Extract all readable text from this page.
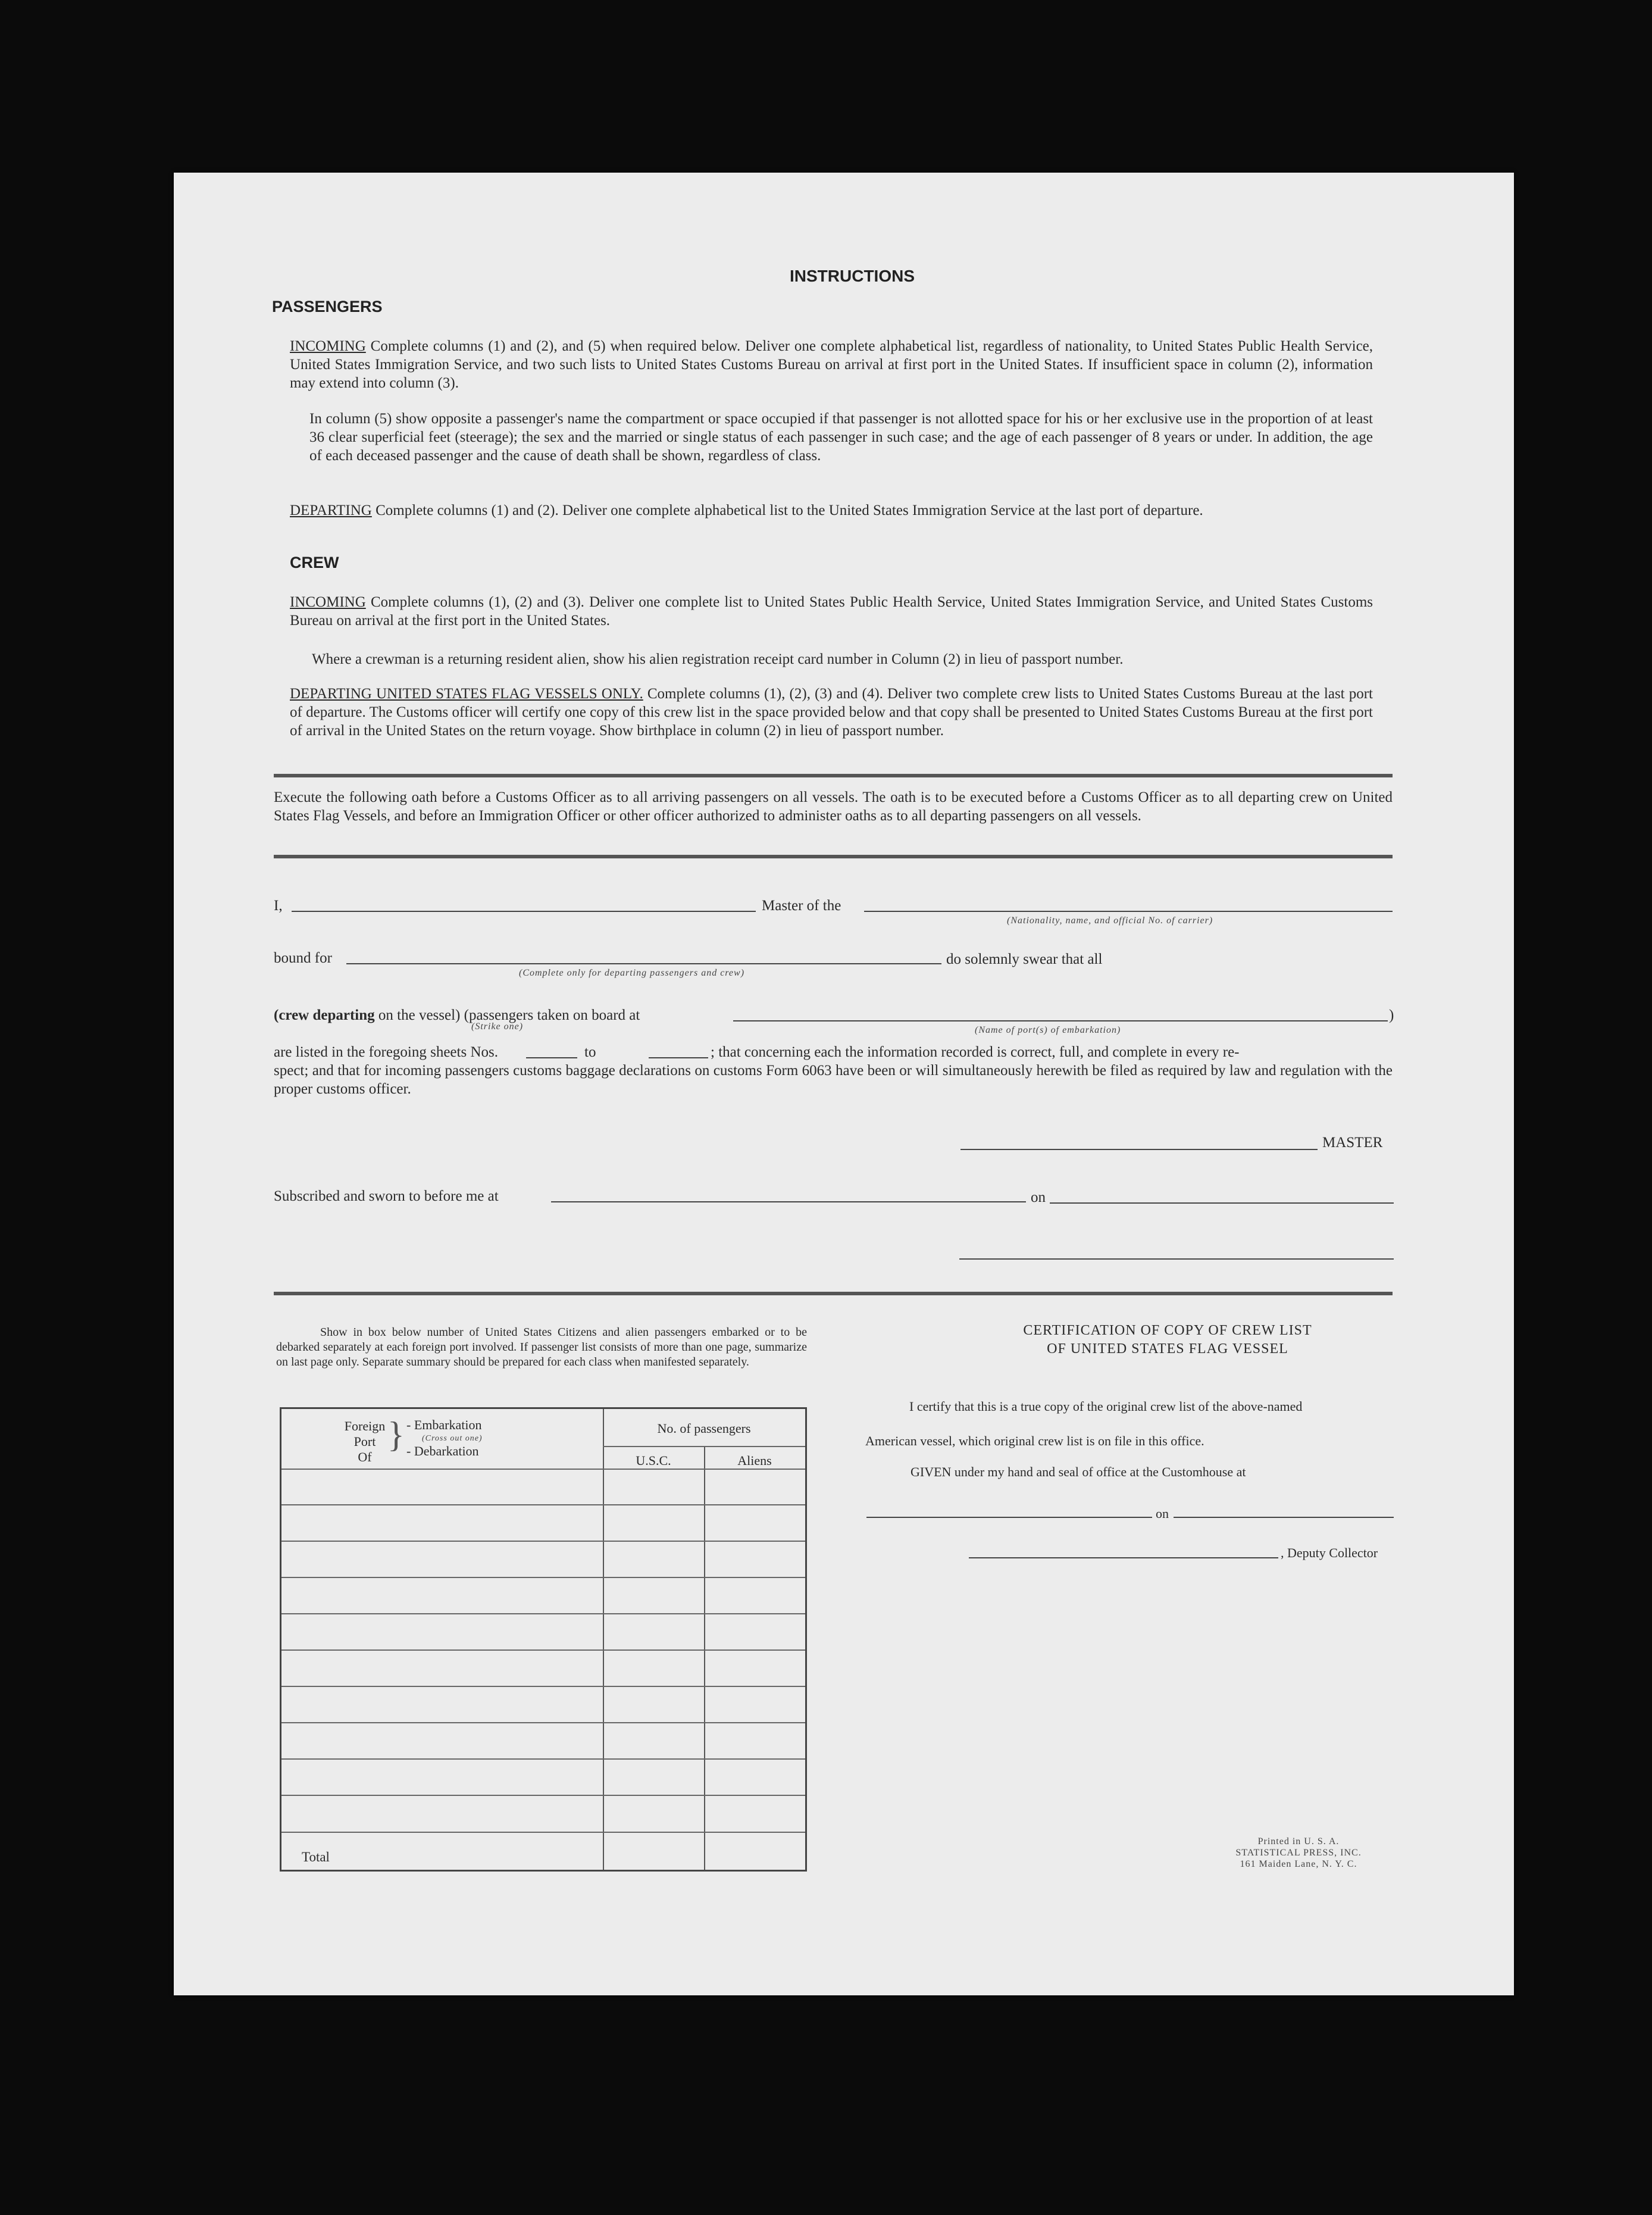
INSTRUCTIONS
PASSENGERS
INCOMING Complete columns (1) and (2), and (5) when required below. Deliver one complete alphabetical list, regardless of nationality, to United States Public Health Service, United States Immigration Service, and two such lists to United States Customs Bureau on arrival at first port in the United States. If insufficient space in column (2), information may extend into column (3).
In column (5) show opposite a passenger's name the compartment or space occupied if that passenger is not allotted space for his or her exclusive use in the proportion of at least 36 clear superficial feet (steerage); the sex and the married or single status of each passenger in such case; and the age of each passenger of 8 years or under. In addition, the age of each deceased passenger and the cause of death shall be shown, regardless of class.
DEPARTING Complete columns (1) and (2). Deliver one complete alphabetical list to the United States Immigration Service at the last port of departure.
CREW
INCOMING Complete columns (1), (2) and (3). Deliver one complete list to United States Public Health Service, United States Immigration Service, and United States Customs Bureau on arrival at the first port in the United States.
Where a crewman is a returning resident alien, show his alien registration receipt card number in Column (2) in lieu of passport number.
DEPARTING UNITED STATES FLAG VESSELS ONLY. Complete columns (1), (2), (3) and (4). Deliver two complete crew lists to United States Customs Bureau at the last port of departure. The Customs officer will certify one copy of this crew list in the space provided below and that copy shall be presented to United States Customs Bureau at the first port of arrival in the United States on the return voyage. Show birthplace in column (2) in lieu of passport number.
Execute the following oath before a Customs Officer as to all arriving passengers on all vessels. The oath is to be executed before a Customs Officer as to all departing crew on United States Flag Vessels, and before an Immigration Officer or other officer authorized to administer oaths as to all departing passengers on all vessels.
I,	Master of the
(Nationality, name, and official No. of carrier)
bound for
(Complete only for departing passengers and crew)
do solemnly swear that all
(crew departing on the vessel) (passengers taken on board at	)
(Strike one)	(Name of port(s) of embarkation)
are listed in the foregoing sheets Nos.	to	; that concerning each the information recorded is correct, full, and complete in every re-
spect; and that for incoming passengers customs baggage declarations on customs Form 6063 have been or will simultaneously herewith be filed as required by law and regulation with the proper customs officer.
MASTER
Subscribed and sworn to before me at	on
Show in box below number of United States Citizens and alien passengers embarked or to be debarked separately at each foreign port involved. If passenger list consists of more than one page, summarize on last page only. Separate summary should be prepared for each class when manifested separately.
Foreign
Port
Of
} - Embarkation
(Cross out one)
- Debarkation
No. of passengers
U.S.C.	Aliens
Total
CERTIFICATION OF COPY OF CREW LIST
OF UNITED STATES FLAG VESSEL
I certify that this is a true copy of the original crew list of the above-named
American vessel, which original crew list is on file in this office.
GIVEN under my hand and seal of office at the Customhouse at
on
, Deputy Collector
Printed in U. S. A.
STATISTICAL PRESS, INC.
161 Maiden Lane, N. Y. C.
